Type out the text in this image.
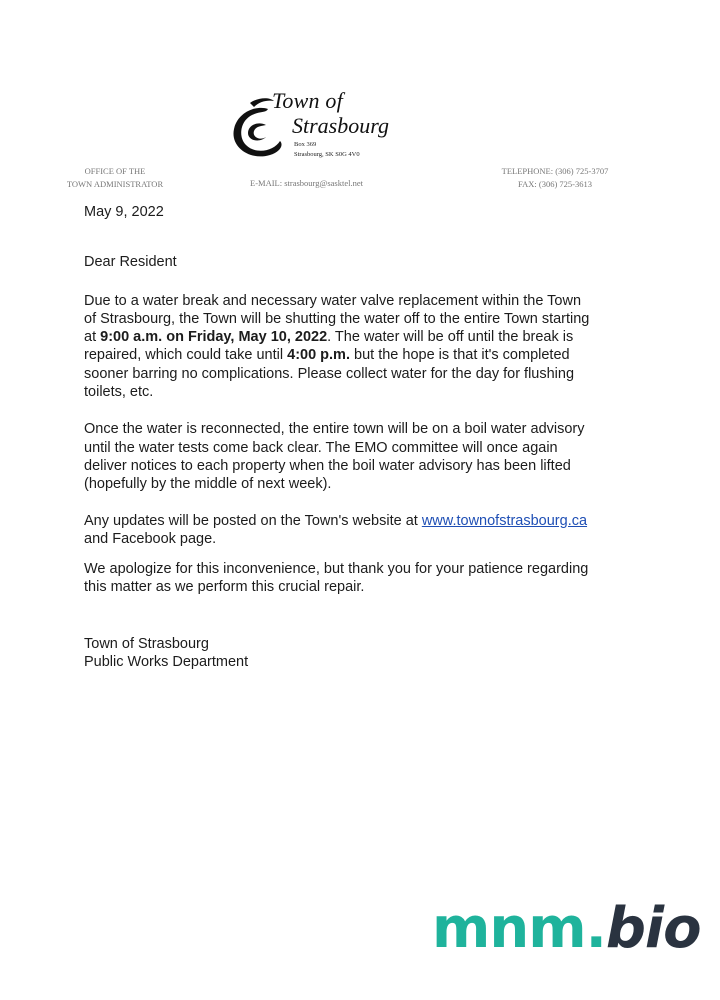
Town of
Strasbourg
Box 369
Strasbourg, SK S0G 4V0
OFFICE OF THE
TOWN ADMINISTRATOR	E-MAIL: strasbourg@sasktel.net
TELEPHONE: (306) 725-3707
FAX: (306) 725-3613

May 9, 2022

Dear Resident

Due to a water break and necessary water valve replacement within the Town of Strasbourg, the Town will be shutting the water off to the entire Town starting at 9:00 a.m. on Friday, May 10, 2022. The water will be off until the break is repaired, which could take until 4:00 p.m. but the hope is that it's completed sooner barring no complications. Please collect water for the day for flushing toilets, etc.

Once the water is reconnected, the entire town will be on a boil water advisory until the water tests come back clear. The EMO committee will once again deliver notices to each property when the boil water advisory has been lifted (hopefully by the middle of next week).

Any updates will be posted on the Town's website at www.townofstrasbourg.ca and Facebook page.

We apologize for this inconvenience, but thank you for your patience regarding this matter as we perform this crucial repair.

Town of Strasbourg

Public Works Department

mnm.bio
